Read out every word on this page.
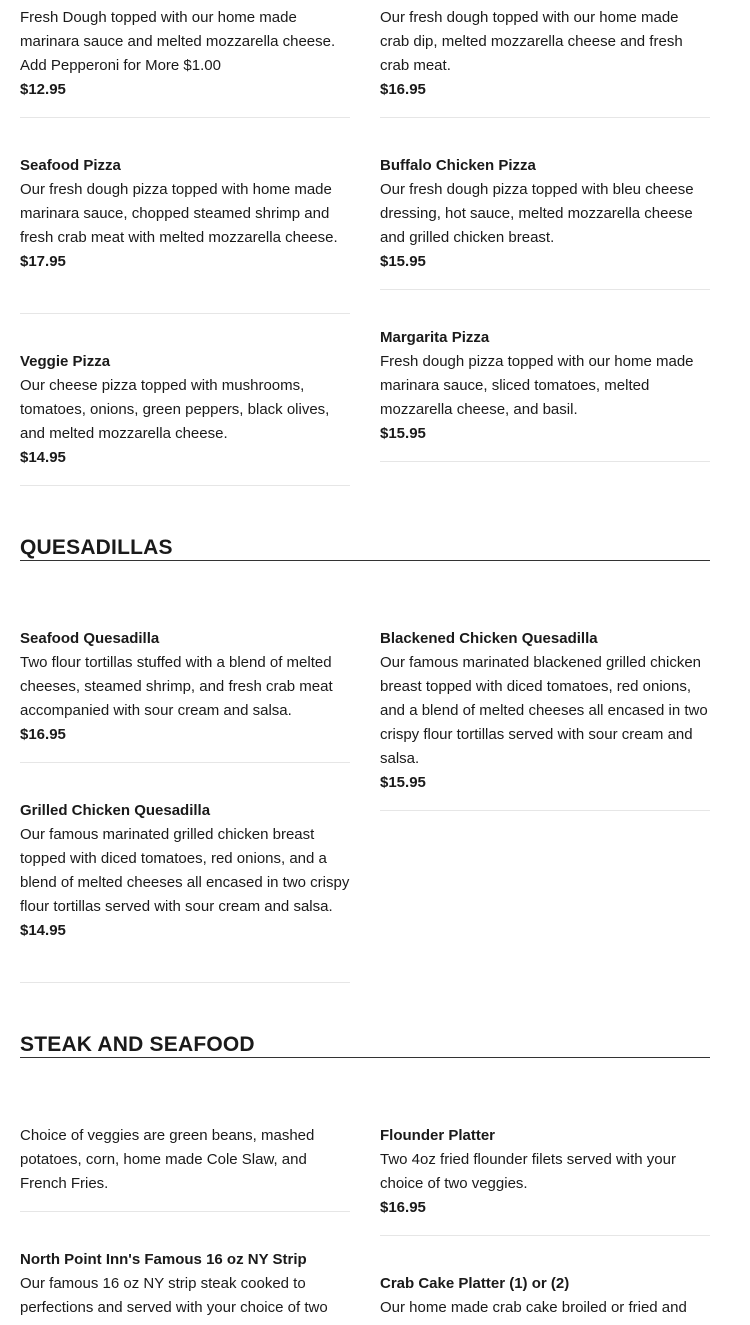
Fresh Dough topped with our home made marinara sauce and melted mozzarella cheese. Add Pepperoni for More $1.00

$12.95

Our fresh dough topped with our home made crab dip, melted mozzarella cheese and fresh crab meat.

$16.95

Seafood Pizza

Our fresh dough pizza topped with home made marinara sauce, chopped steamed shrimp and fresh crab meat with melted mozzarella cheese.

$17.95

Buffalo Chicken Pizza

Our fresh dough pizza topped with bleu cheese dressing, hot sauce, melted mozzarella cheese and grilled chicken breast.

$15.95

Margarita Pizza

Fresh dough pizza topped with our home made marinara sauce, sliced tomatoes, melted mozzarella cheese, and basil.

$15.95

Veggie Pizza

Our cheese pizza topped with mushrooms, tomatoes, onions, green peppers, black olives, and melted mozzarella cheese.

$14.95

QUESADILLAS

Seafood Quesadilla

Two flour tortillas stuffed with a blend of melted cheeses, steamed shrimp, and fresh crab meat accompanied with sour cream and salsa.

$16.95

Blackened Chicken Quesadilla

Our famous marinated blackened grilled chicken breast topped with diced tomatoes, red onions, and a blend of melted cheeses all encased in two crispy flour tortillas served with sour cream and salsa.

$15.95

Grilled Chicken Quesadilla

Our famous marinated grilled chicken breast topped with diced tomatoes, red onions, and a blend of melted cheeses all encased in two crispy flour tortillas served with sour cream and salsa.

$14.95

STEAK AND SEAFOOD

Choice of veggies are green beans, mashed potatoes, corn, home made Cole Slaw, and French Fries.

Flounder Platter

Two 4oz fried flounder filets served with your choice of two veggies.

$16.95

North Point Inn's Famous 16 oz NY Strip

Our famous 16 oz NY strip steak cooked to perfections and served with your choice of two

Crab Cake Platter (1) or (2)

Our home made crab cake broiled or fried and
